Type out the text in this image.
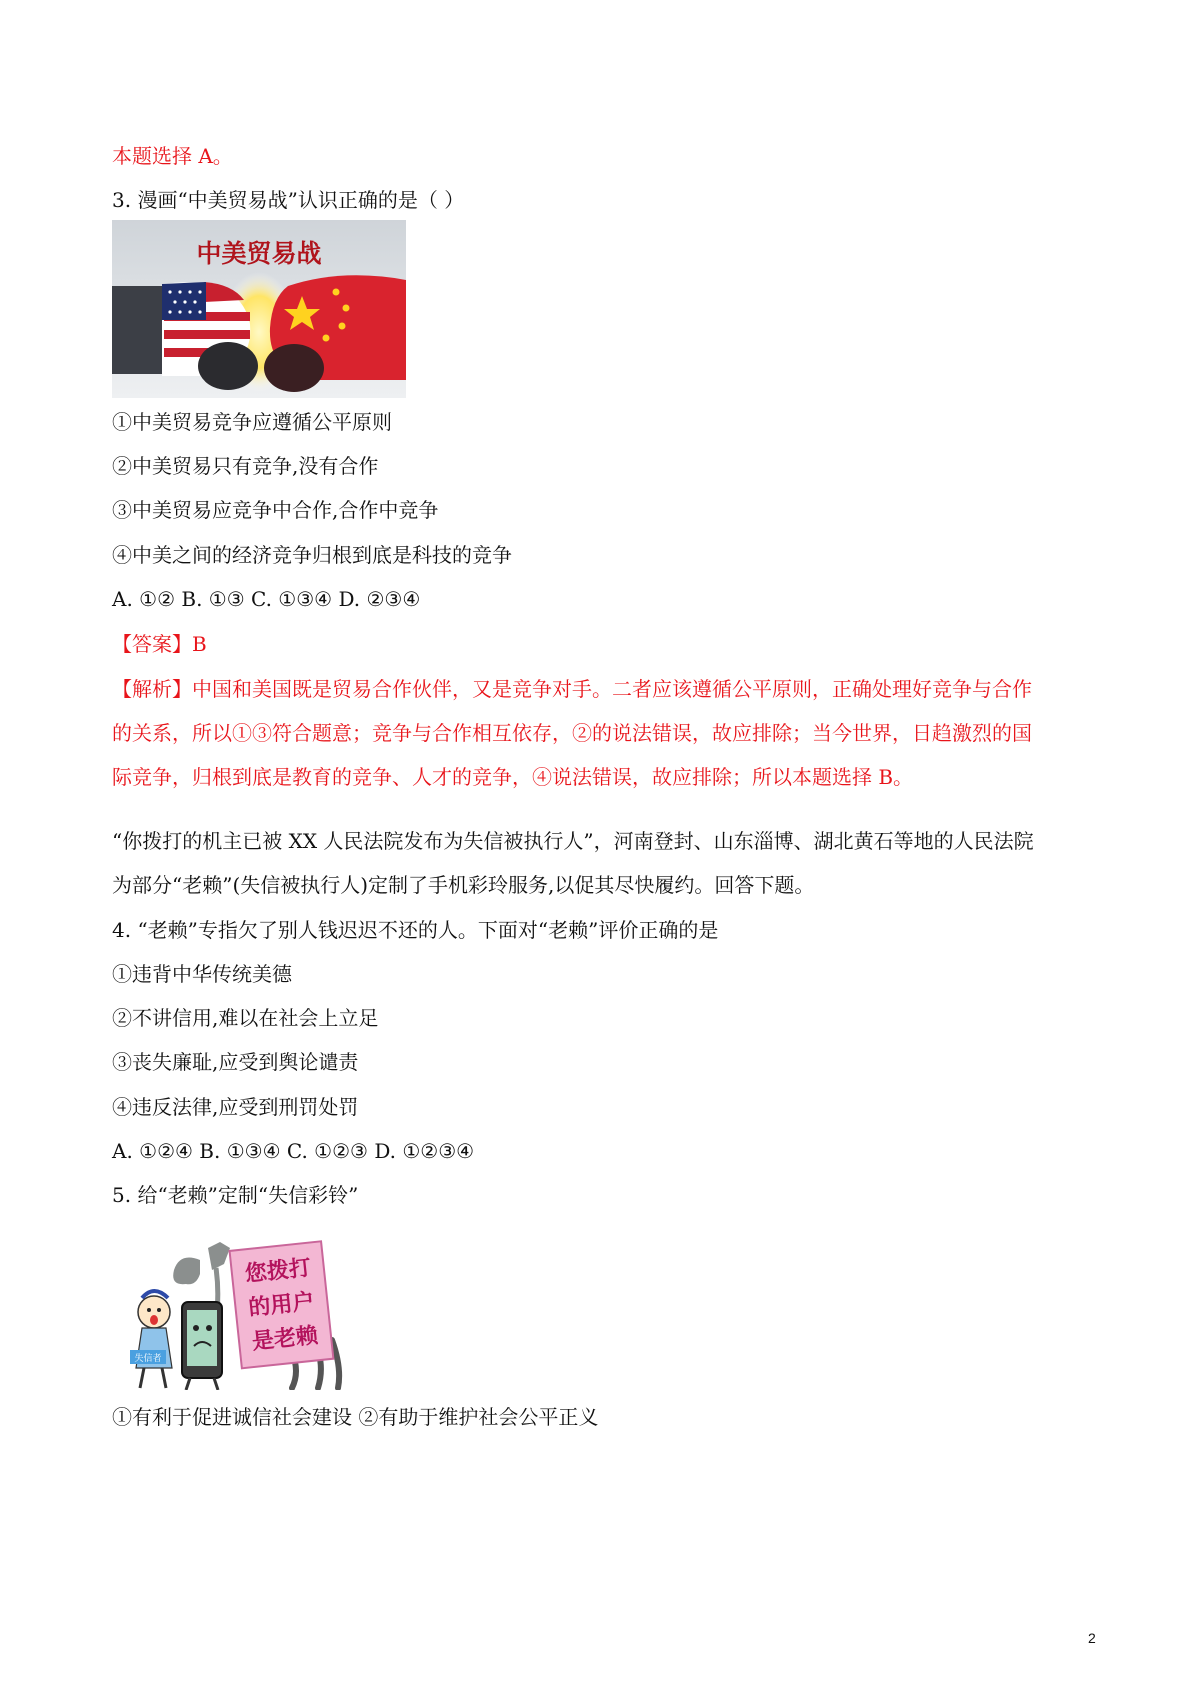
本题选择 A。
3. 漫画“中美贸易战”认识正确的是（ ）
中美贸易战
①中美贸易竞争应遵循公平原则
②中美贸易只有竞争,没有合作
③中美贸易应竞争中合作,合作中竞争
④中美之间的经济竞争归根到底是科技的竞争
A. ①② B. ①③ C. ①③④ D. ②③④
【答案】B
【解析】中国和美国既是贸易合作伙伴，又是竞争对手。二者应该遵循公平原则，正确处理好竞争与合作
的关系，所以①③符合题意；竞争与合作相互依存，②的说法错误，故应排除；当今世界，日趋激烈的国
际竞争，归根到底是教育的竞争、人才的竞争，④说法错误，故应排除；所以本题选择 B。
“你拨打的机主已被 XX 人民法院发布为失信被执行人”，河南登封、山东淄博、湖北黄石等地的人民法院
为部分“老赖”(失信被执行人)定制了手机彩玲服务,以促其尽快履约。回答下题。
4. “老赖”专指欠了别人钱迟迟不还的人。下面对“老赖”评价正确的是
①违背中华传统美德
②不讲信用,难以在社会上立足
③丧失廉耻,应受到舆论谴责
④违反法律,应受到刑罚处罚
A. ①②④ B. ①③④ C. ①②③ D. ①②③④
5. 给“老赖”定制“失信彩铃”
失信者
您拨打
的用户
是老赖
①有利于促进诚信社会建设 ②有助于维护社会公平正义
2
